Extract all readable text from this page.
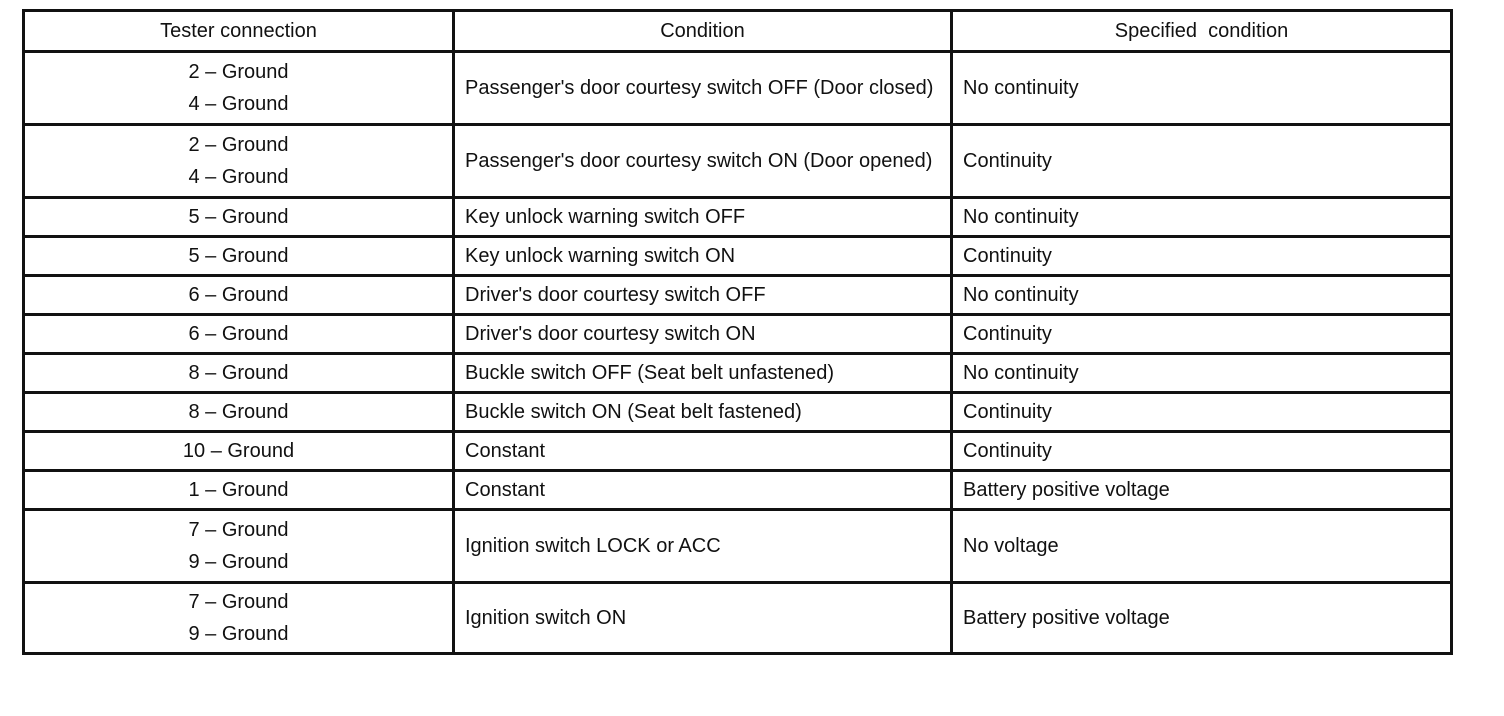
Tester connection	Condition	Specified  condition

2 – Ground
4 – Ground	Passenger's door courtesy switch OFF (Door closed)	No continuity

2 – Ground
4 – Ground	Passenger's door courtesy switch ON (Door opened)	Continuity

5 – Ground	Key unlock warning switch OFF	No continuity

5 – Ground	Key unlock warning switch ON	Continuity

6 – Ground	Driver's door courtesy switch OFF	No continuity

6 – Ground	Driver's door courtesy switch ON	Continuity

8 – Ground	Buckle switch OFF (Seat belt unfastened)	No continuity

8 – Ground	Buckle switch ON (Seat belt fastened)	Continuity

10 – Ground	Constant	Continuity

1 – Ground	Constant	Battery positive voltage

7 – Ground
9 – Ground	Ignition switch LOCK or ACC	No voltage

7 – Ground
9 – Ground	Ignition switch ON	Battery positive voltage
